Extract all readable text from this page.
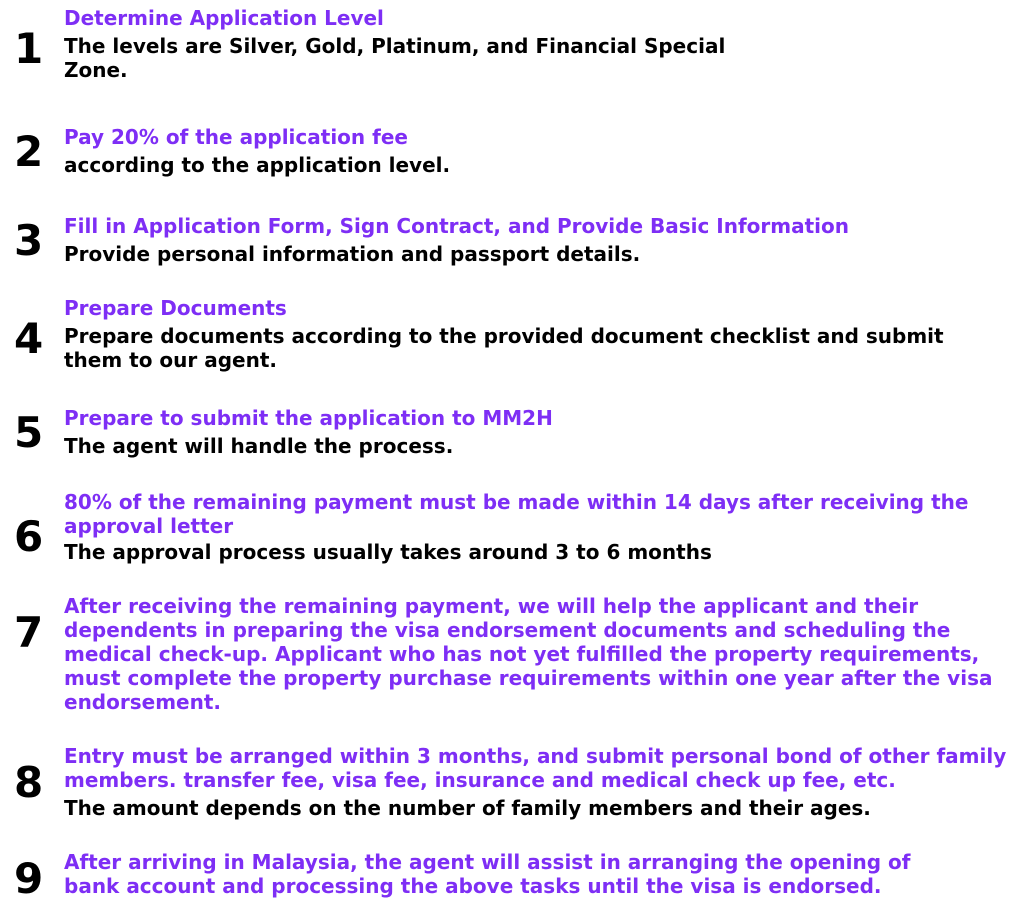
1

Determine Application Level

The levels are Silver, Gold, Platinum, and Financial Special
Zone.

2	Pay 20% of the application fee

according to the application level.

3	Fill in Application Form, Sign Contract, and Provide Basic Information

Provide personal information and passport details.

4

Prepare Documents

Prepare documents according to the provided document checklist and submit
them to our agent.

5	Prepare to submit the application to MM2H

The agent will handle the process.

6

80% of the remaining payment must be made within 14 days after receiving the
approval letter

The approval process usually takes around 3 to 6 months

7

After receiving the remaining payment, we will help the applicant and their
dependents in preparing the visa endorsement documents and scheduling the
medical check-up. Applicant who has not yet fulfilled the property requirements,
must complete the property purchase requirements within one year after the visa
endorsement.

8

Entry must be arranged within 3 months, and submit personal bond of other family
members. transfer fee, visa fee, insurance and medical check up fee, etc.

The amount depends on the number of family members and their ages.

9	After arriving in Malaysia, the agent will assist in arranging the opening of
bank account and processing the above tasks until the visa is endorsed.
